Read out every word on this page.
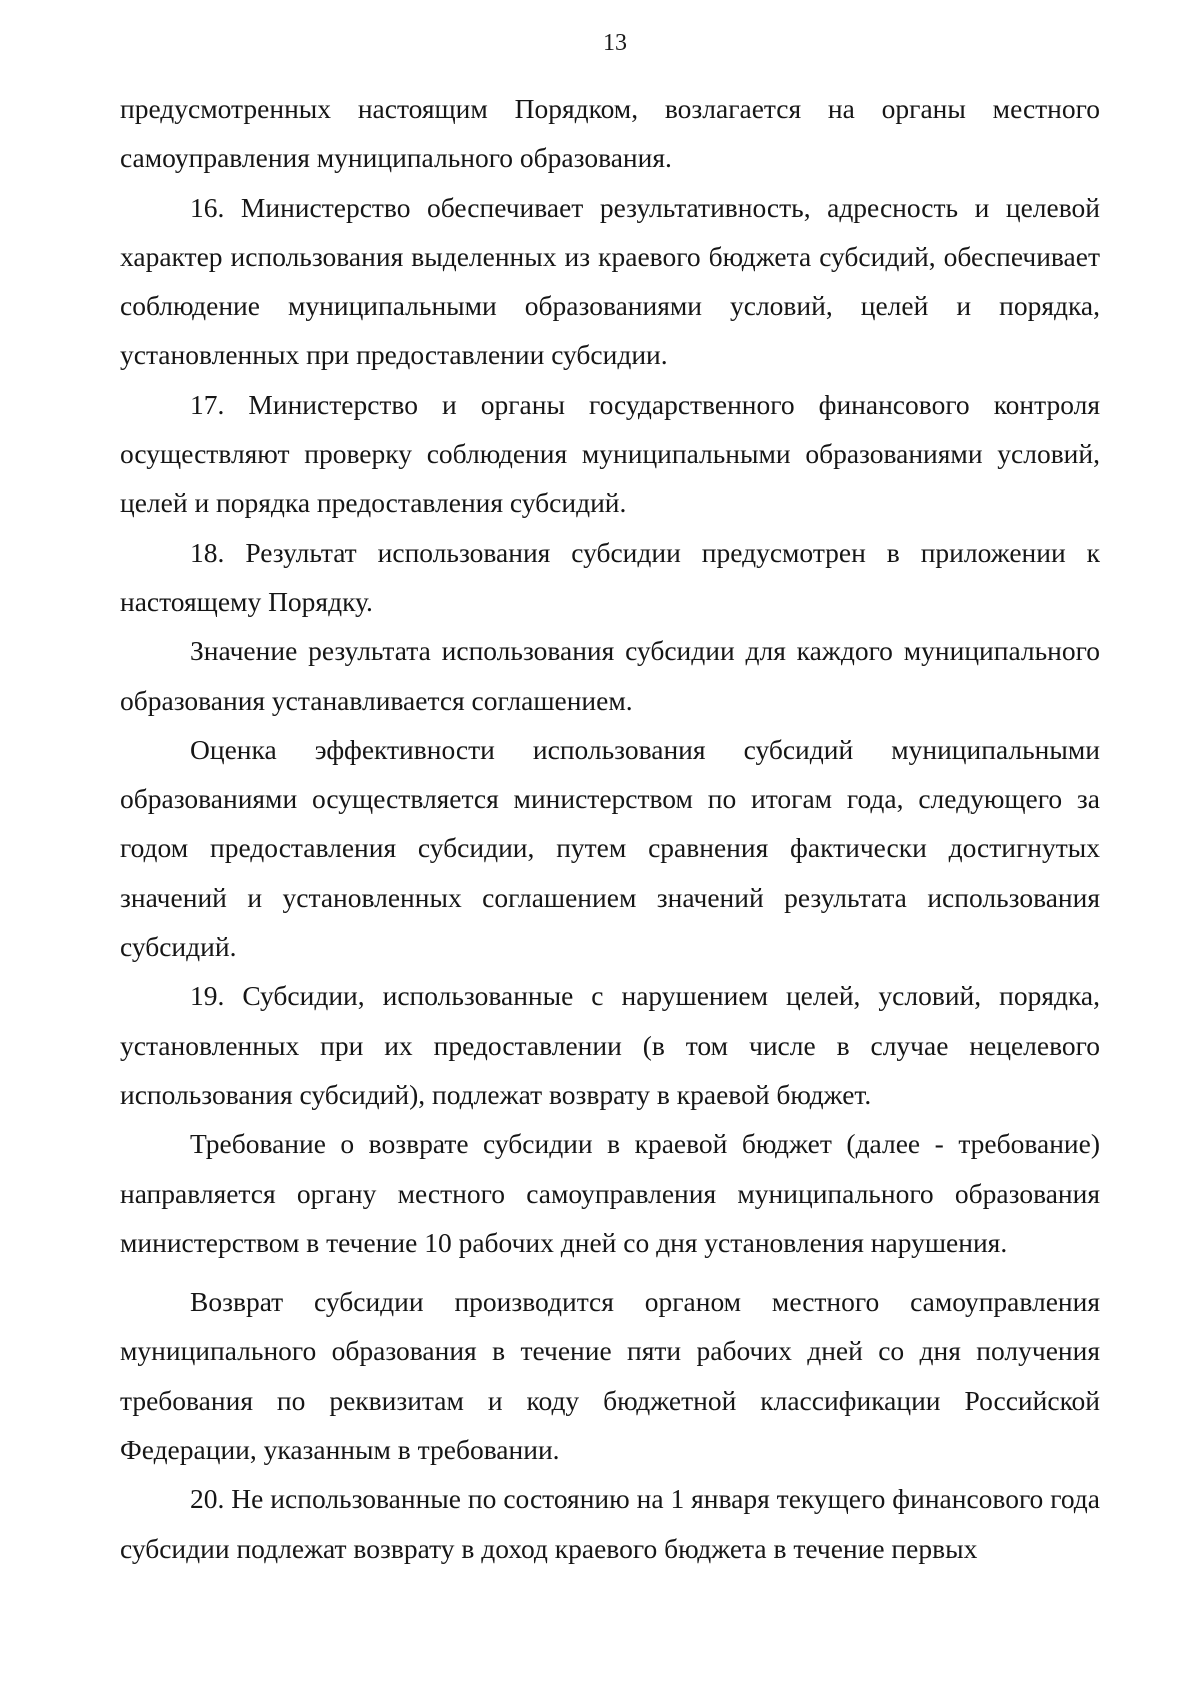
13

предусмотренных настоящим Порядком, возлагается на органы местного самоуправления муниципального образования.

16. Министерство обеспечивает результативность, адресность и целевой характер использования выделенных из краевого бюджета субсидий, обеспечивает соблюдение муниципальными образованиями условий, целей и порядка, установленных при предоставлении субсидии.

17. Министерство и органы государственного финансового контроля осуществляют проверку соблюдения муниципальными образованиями условий, целей и порядка предоставления субсидий.

18. Результат использования субсидии предусмотрен в приложении к настоящему Порядку.

Значение результата использования субсидии для каждого муниципального образования устанавливается соглашением.

Оценка эффективности использования субсидий муниципальными образованиями осуществляется министерством по итогам года, следующего за годом предоставления субсидии, путем сравнения фактически достигнутых значений и установленных соглашением значений результата использования субсидий.

19. Субсидии, использованные с нарушением целей, условий, порядка, установленных при их предоставлении (в том числе в случае нецелевого использования субсидий), подлежат возврату в краевой бюджет.

Требование о возврате субсидии в краевой бюджет (далее - требование) направляется органу местного самоуправления муниципального образования министерством в течение 10 рабочих дней со дня установления нарушения.

Возврат субсидии производится органом местного самоуправления муниципального образования в течение пяти рабочих дней со дня получения требования по реквизитам и коду бюджетной классификации Российской Федерации, указанным в требовании.

20. Не использованные по состоянию на 1 января текущего финансового года субсидии подлежат возврату в доход краевого бюджета в течение первых
